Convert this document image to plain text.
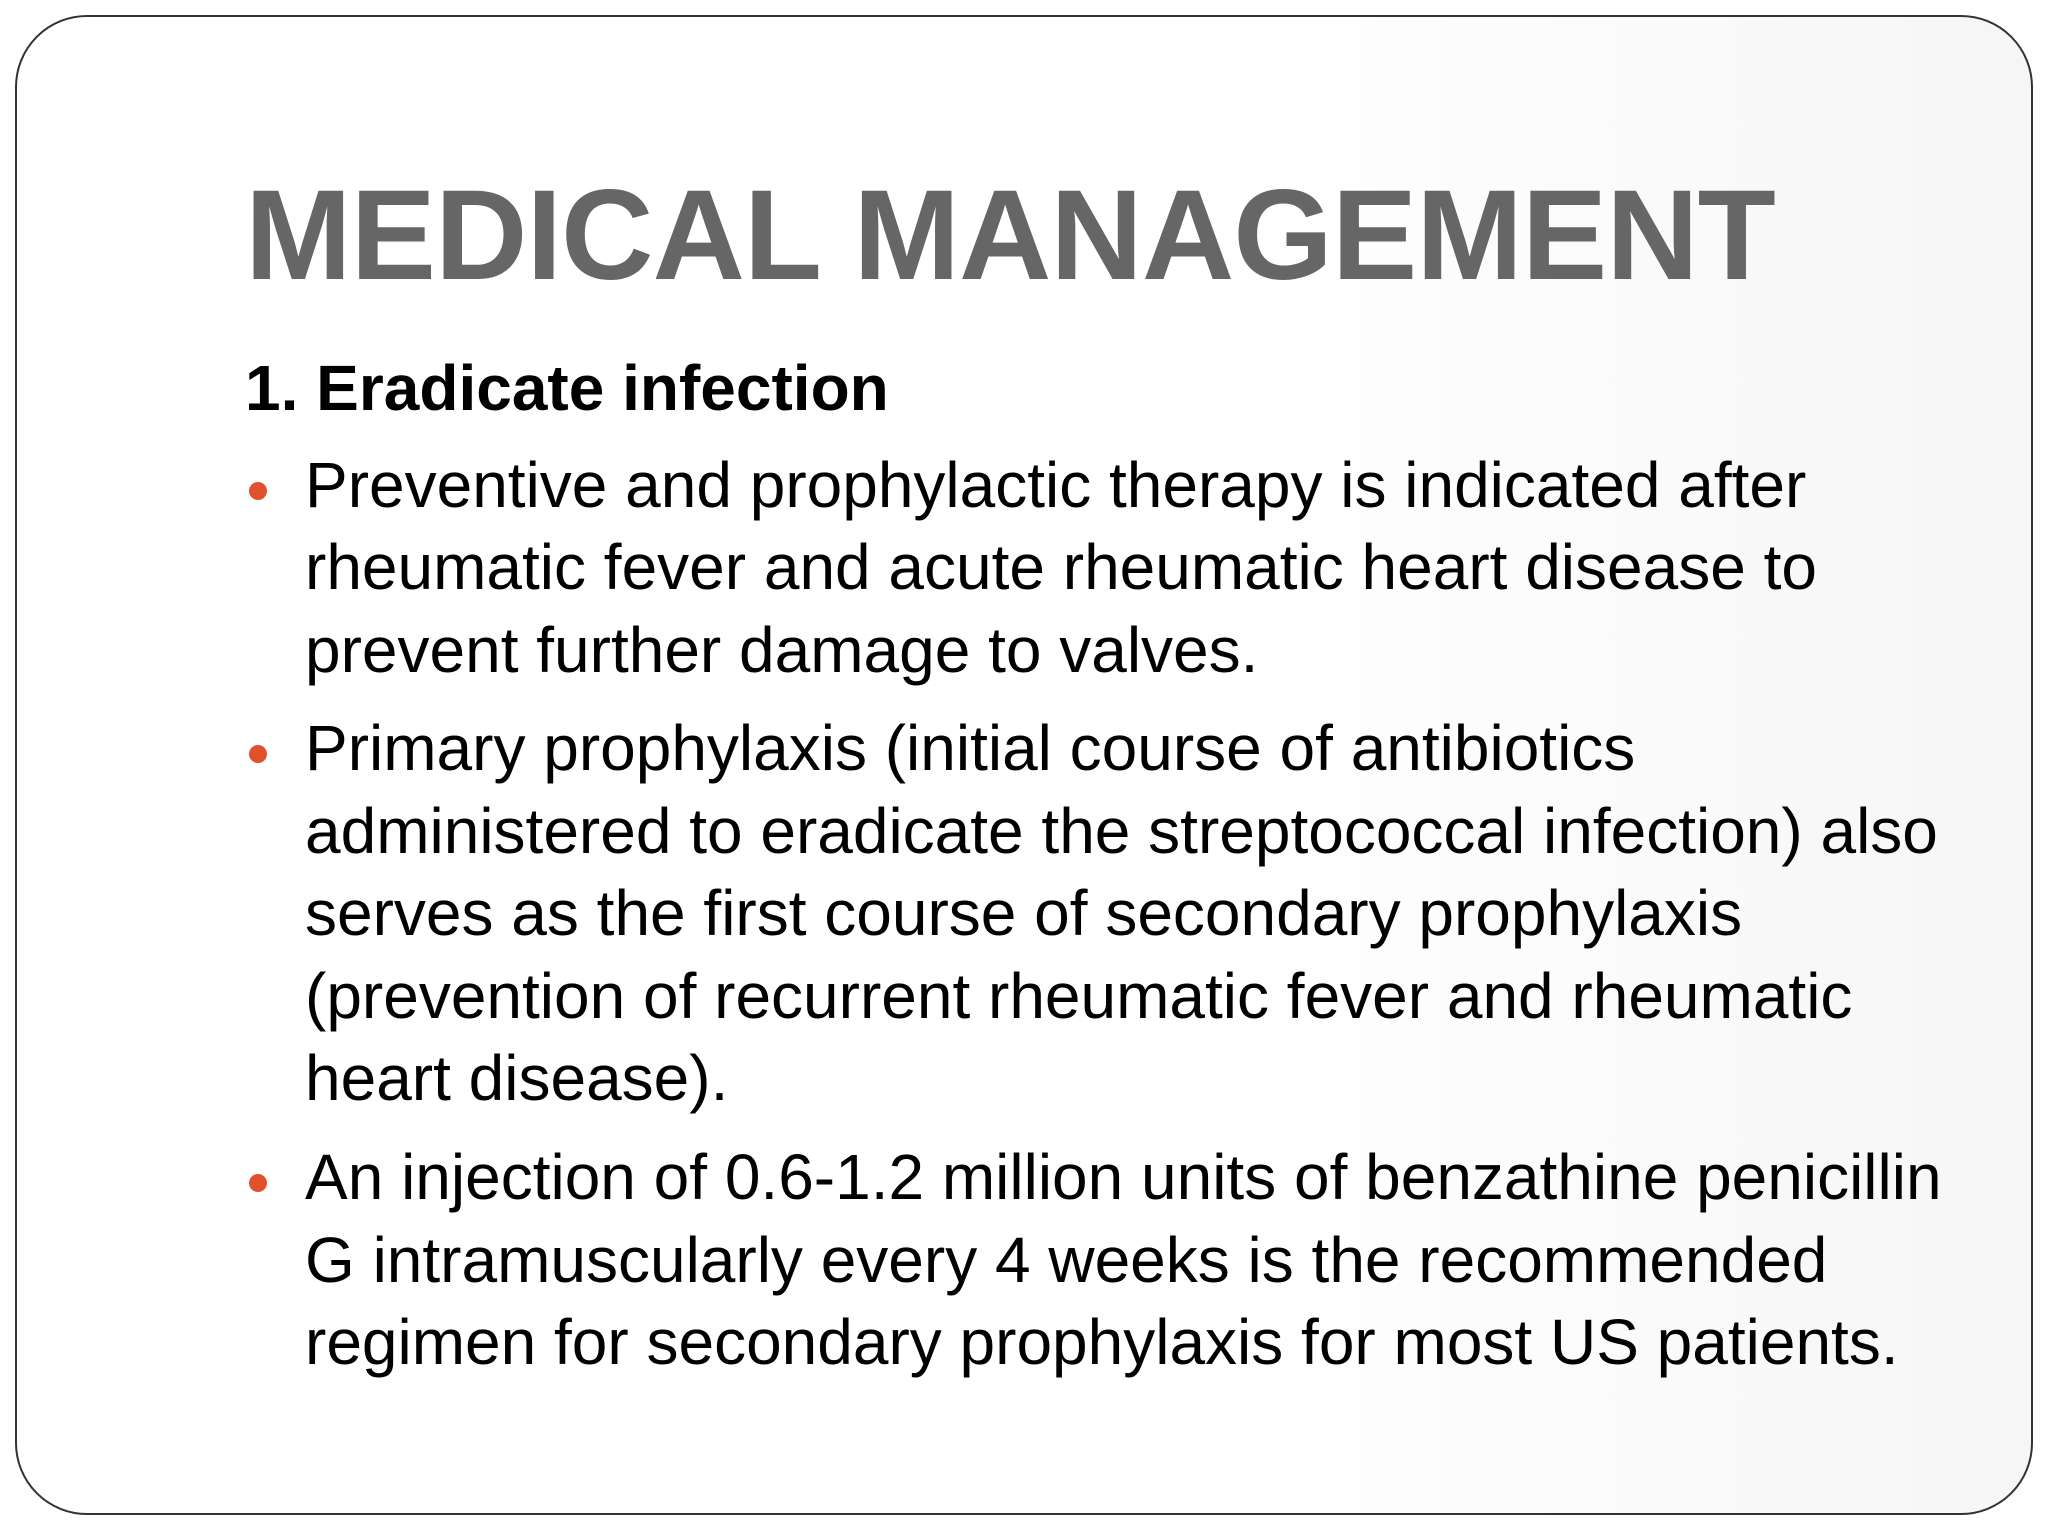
MEDICAL MANAGEMENT
1. Eradicate infection
Preventive and prophylactic therapy is indicated after rheumatic fever and acute rheumatic heart disease to prevent further damage to valves.
Primary prophylaxis (initial course of antibiotics administered to eradicate the streptococcal infection) also serves as the first course of secondary prophylaxis (prevention of recurrent rheumatic fever and rheumatic heart disease).
An injection of 0.6-1.2 million units of benzathine penicillin G intramuscularly every 4 weeks is the recommended regimen for secondary prophylaxis for most US patients.
